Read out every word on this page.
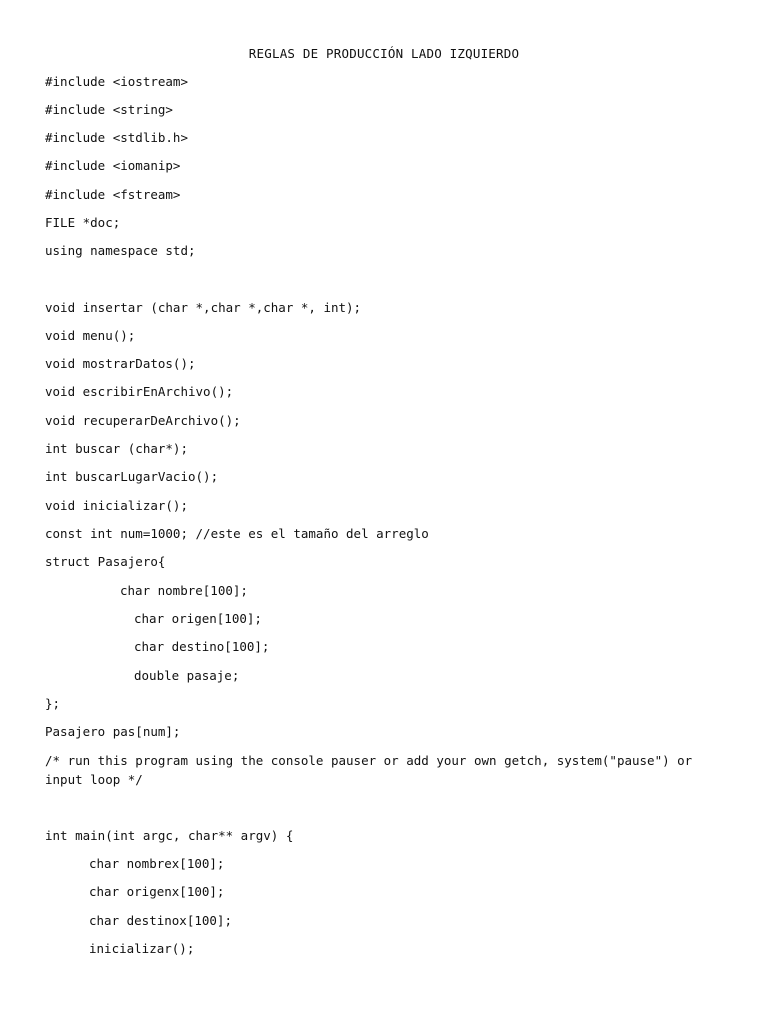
REGLAS DE PRODUCCIÓN LADO IZQUIERDO
#include <iostream>
#include <string>
#include <stdlib.h>
#include <iomanip>
#include <fstream>
FILE *doc;
using namespace std;
void insertar (char *,char *,char *, int);
void menu();
void mostrarDatos();
void escribirEnArchivo();
void recuperarDeArchivo();
int buscar (char*);
int buscarLugarVacio();
void inicializar();
const int num=1000; //este es el tamaño del arreglo
struct Pasajero{
char nombre[100];
char origen[100];
char destino[100];
double pasaje;
};
Pasajero pas[num];
/* run this program using the console pauser or add your own getch, system("pause") or
input loop */
int main(int argc, char** argv) {
char nombrex[100];
char origenx[100];
char destinox[100];
inicializar();
